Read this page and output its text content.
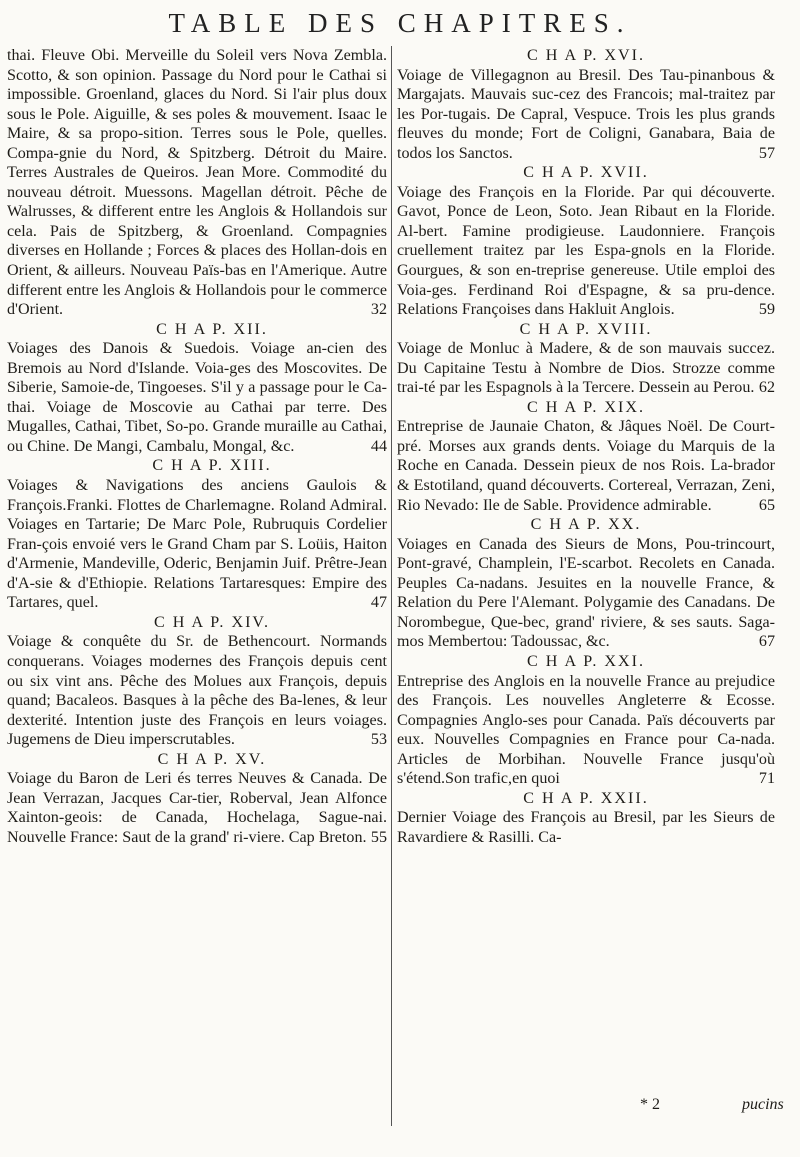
TABLE DES CHAPITRES.

thai. Fleuve Obi. Merveille du Soleil vers Nova Zembla. Scotto, & son opinion. Passage du Nord pour le Cathai si impossible. Groenland, glaces du Nord. Si l'air plus doux sous le Pole. Aiguille, & ses poles & mouvement. Isaac le Maire, & sa propo-sition. Terres sous le Pole, quelles. Compa-gnie du Nord, & Spitzberg. Détroit du Maire. Terres Australes de Queiros. Jean More. Commodité du nouveau détroit. Muessons. Magellan détroit. Pêche de Walrusses, & different entre les Anglois & Hollandois sur cela. Pais de Spitzberg, & Groenland. Compagnies diverses en Hollande ; Forces & places des Hollan-dois en Orient, & ailleurs. Nouveau Païs-bas en l'Amerique. Autre different entre les Anglois & Hollandois pour le commerce d'Orient.	32

C H A P. XII.

Voiages des Danois & Suedois. Voiage an-cien des Bremois au Nord d'Islande. Voia-ges des Moscovites. De Siberie, Samoie-de, Tingoeses. S'il y a passage pour le Ca-thai. Voiage de Moscovie au Cathai par terre. Des Mugalles, Cathai, Tibet, So-po. Grande muraille au Cathai, ou Chine. De Mangi, Cambalu, Mongal, &c.	44

C H A P. XIII.

Voiages & Navigations des anciens Gaulois & François.Franki. Flottes de Charlemagne. Roland Admiral. Voiages en Tartarie; De Marc Pole, Rubruquis Cordelier Fran-çois envoié vers le Grand Cham par S. Loüis, Haiton d'Armenie, Mandeville, Oderic, Benjamin Juif. Prêtre-Jean d'A-sie & d'Ethiopie. Relations Tartaresques: Empire des Tartares, quel.	47

C H A P. XIV.

Voiage & conquête du Sr. de Bethencourt. Normands conquerans. Voiages modernes des François depuis cent ou six vint ans. Pêche des Molues aux François, depuis quand; Bacaleos. Basques à la pêche des Ba-lenes, & leur dexterité. Intention juste des François en leurs voiages. Jugemens de Dieu imperscrutables.	53

C H A P. XV.

Voiage du Baron de Leri és terres Neuves & Canada. De Jean Verrazan, Jacques Car-tier, Roberval, Jean Alfonce Xainton-geois: de Canada, Hochelaga, Sague-nai. Nouvelle France: Saut de la grand' ri-viere. Cap Breton. 55

C H A P. XVI.

Voiage de Villegagnon au Bresil. Des Tau-pinanbous & Margajats. Mauvais suc-cez des Francois; mal-traitez par les Por-tugais. De Capral, Vespuce. Trois les plus grands fleuves du monde; Fort de Coligni, Ganabara, Baia de todos los Sanctos.	57

C H A P. XVII.

Voiage des François en la Floride. Par qui découverte. Gavot, Ponce de Leon, Soto. Jean Ribaut en la Floride. Al-bert. Famine prodigieuse. Laudonniere. François cruellement traitez par les Espa-gnols en la Floride. Gourgues, & son en-treprise genereuse. Utile emploi des Voia-ges. Ferdinand Roi d'Espagne, & sa pru-dence. Relations Françoises dans Hakluit Anglois.	59

C H A P. XVIII.

Voiage de Monluc à Madere, & de son mauvais succez. Du Capitaine Testu à Nombre de Dios. Strozze comme trai-té par les Espagnols à la Tercere. Dessein au Perou. 62

C H A P. XIX.

Entreprise de Jaunaie Chaton, & Jâques Noël. De Court-pré. Morses aux grands dents. Voiage du Marquis de la Roche en Canada. Dessein pieux de nos Rois. La-brador & Estotiland, quand découverts. Cortereal, Verrazan, Zeni, Rio Nevado: Ile de Sable. Providence admirable.	65

C H A P. XX.

Voiages en Canada des Sieurs de Mons, Pou-trincourt, Pont-gravé, Champlein, l'E-scarbot. Recolets en Canada. Peuples Ca-nadans. Jesuites en la nouvelle France, & Relation du Pere l'Alemant. Polygamie des Canadans. De Norombegue, Que-bec, grand' riviere, & ses sauts. Saga-mos Membertou: Tadoussac, &c.	67

C H A P. XXI.

Entreprise des Anglois en la nouvelle France au prejudice des François. Les nouvelles Angleterre & Ecosse. Compagnies Anglo-ses pour Canada. Païs découverts par eux. Nouvelles Compagnies en France pour Ca-nada. Articles de Morbihan. Nouvelle France jusqu'où s'étend.Son trafic,en quoi	71

C H A P. XXII.

Dernier Voiage des François au Bresil, par les Sieurs de Ravardiere & Rasilli. Ca-

* 2	pucins
